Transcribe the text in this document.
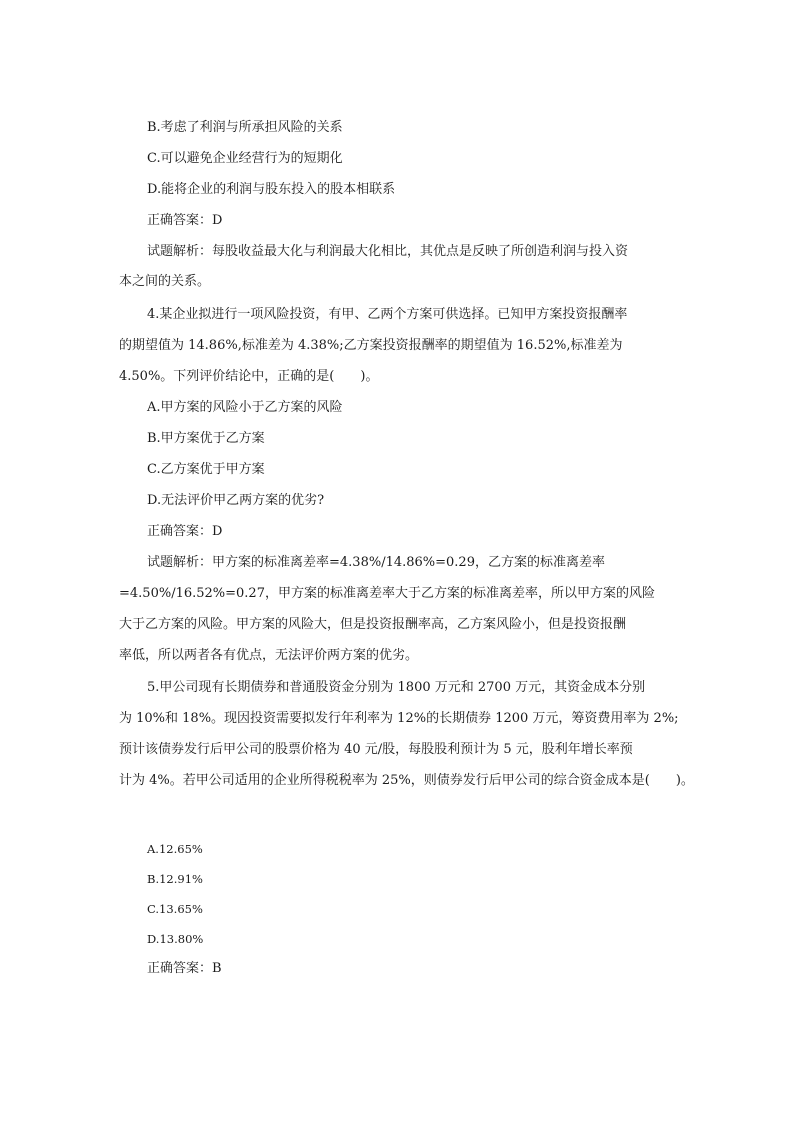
B.考虑了利润与所承担风险的关系
C.可以避免企业经营行为的短期化
D.能将企业的利润与股东投入的股本相联系
正确答案：D
试题解析：每股收益最大化与利润最大化相比，其优点是反映了所创造利润与投入资
本之间的关系。
4.某企业拟进行一项风险投资，有甲、乙两个方案可供选择。已知甲方案投资报酬率
的期望值为 14.86%,标准差为 4.38%;乙方案投资报酬率的期望值为 16.52%,标准差为
4.50%。下列评价结论中，正确的是(　　)。
A.甲方案的风险小于乙方案的风险
B.甲方案优于乙方案
C.乙方案优于甲方案
D.无法评价甲乙两方案的优劣?
正确答案：D
试题解析：甲方案的标准离差率=4.38%/14.86%=0.29，乙方案的标准离差率
=4.50%/16.52%=0.27，甲方案的标准离差率大于乙方案的标准离差率，所以甲方案的风险
大于乙方案的风险。甲方案的风险大，但是投资报酬率高，乙方案风险小，但是投资报酬
率低，所以两者各有优点，无法评价两方案的优劣。
5.甲公司现有长期债券和普通股资金分别为 1800 万元和 2700 万元，其资金成本分别
为 10%和 18%。现因投资需要拟发行年利率为 12%的长期债券 1200 万元，筹资费用率为 2%;
预计该债券发行后甲公司的股票价格为 40 元/股，每股股利预计为 5 元，股利年增长率预
计为 4%。若甲公司适用的企业所得税税率为 25%，则债券发行后甲公司的综合资金成本是(　　)。
A.12.65%
B.12.91%
C.13.65%
D.13.80%
正确答案：B
